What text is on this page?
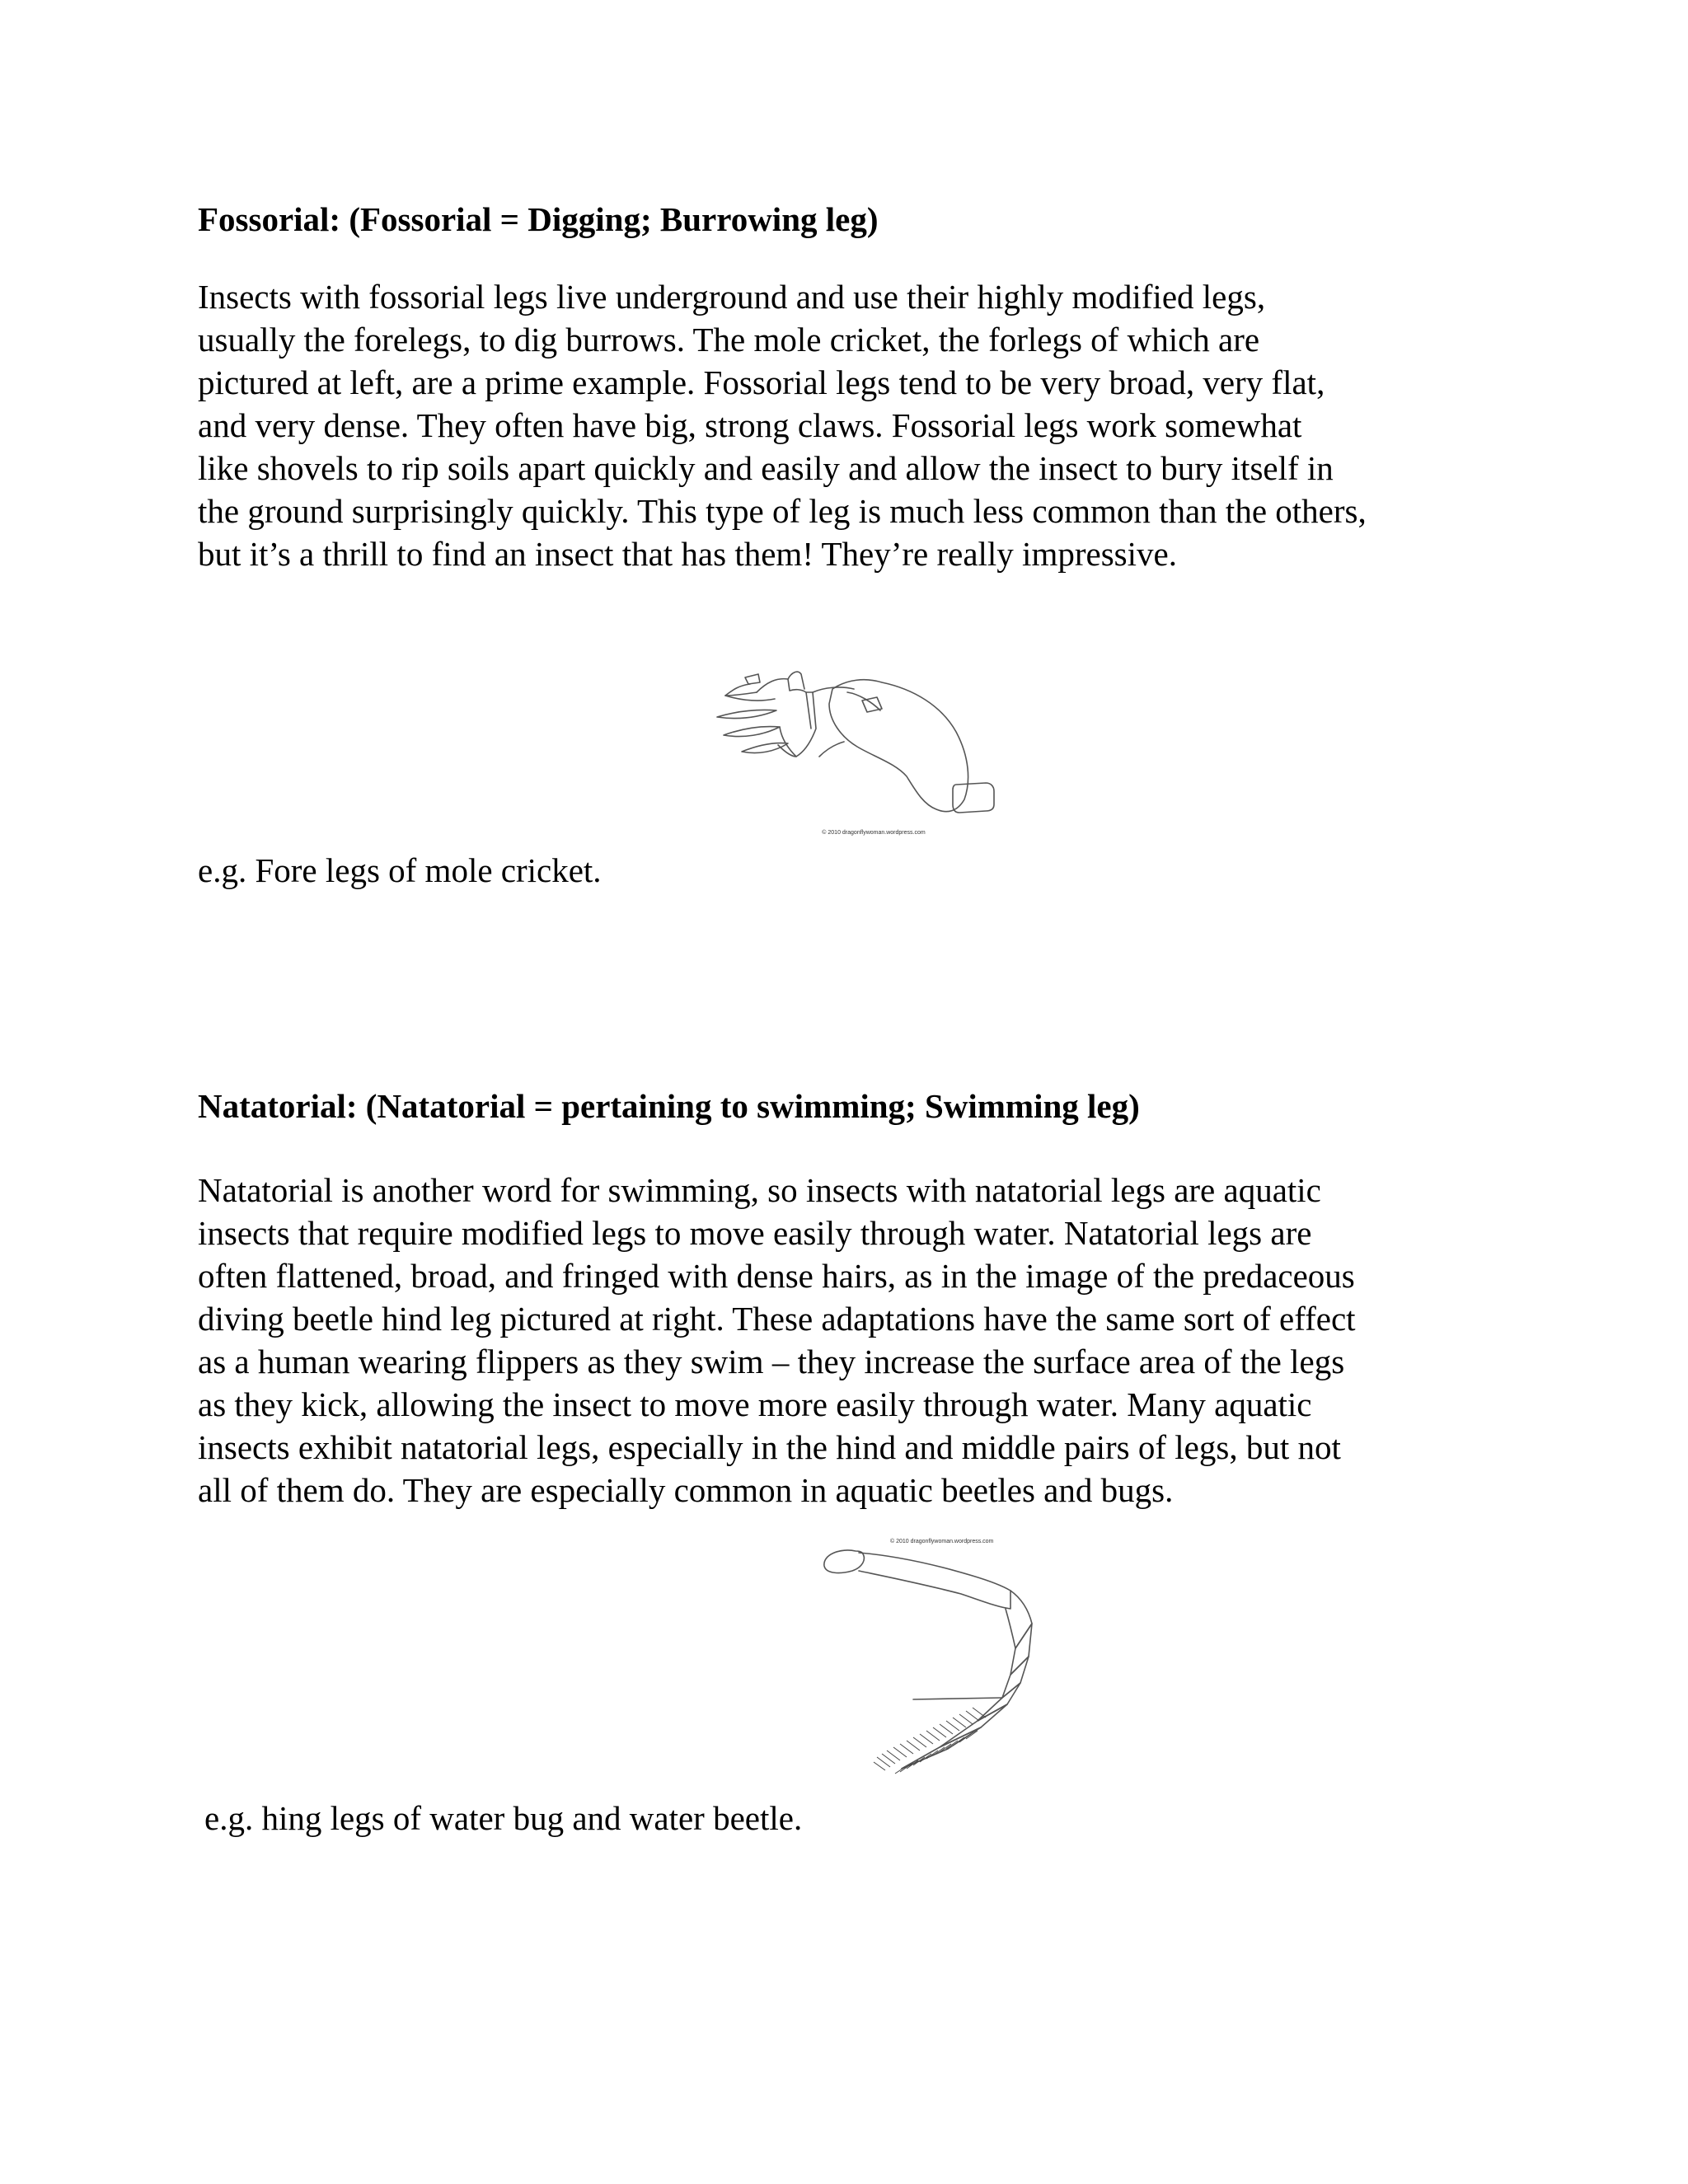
Fossorial: (Fossorial = Digging; Burrowing leg)
Insects with fossorial legs live underground and use their highly modified legs,
usually the forelegs, to dig burrows. The mole cricket, the forlegs of which are
pictured at left, are a prime example. Fossorial legs tend to be very broad, very flat,
and very dense. They often have big, strong claws. Fossorial legs work somewhat
like shovels to rip soils apart quickly and easily and allow the insect to bury itself in
the ground surprisingly quickly. This type of leg is much less common than the others,
but it’s a thrill to find an insect that has them! They’re really impressive.
© 2010 dragonflywoman.wordpress.com
e.g. Fore legs of mole cricket.
Natatorial: (Natatorial = pertaining to swimming; Swimming leg)
Natatorial is another word for swimming, so insects with natatorial legs are aquatic
insects that require modified legs to move easily through water. Natatorial legs are
often flattened, broad, and fringed with dense hairs, as in the image of the predaceous
diving beetle hind leg pictured at right. These adaptations have the same sort of effect
as a human wearing flippers as they swim – they increase the surface area of the legs
as they kick, allowing the insect to move more easily through water. Many aquatic
insects exhibit natatorial legs, especially in the hind and middle pairs of legs, but not
all of them do. They are especially common in aquatic beetles and bugs.
© 2010 dragonflywoman.wordpress.com
e.g. hing legs of water bug and water beetle.
